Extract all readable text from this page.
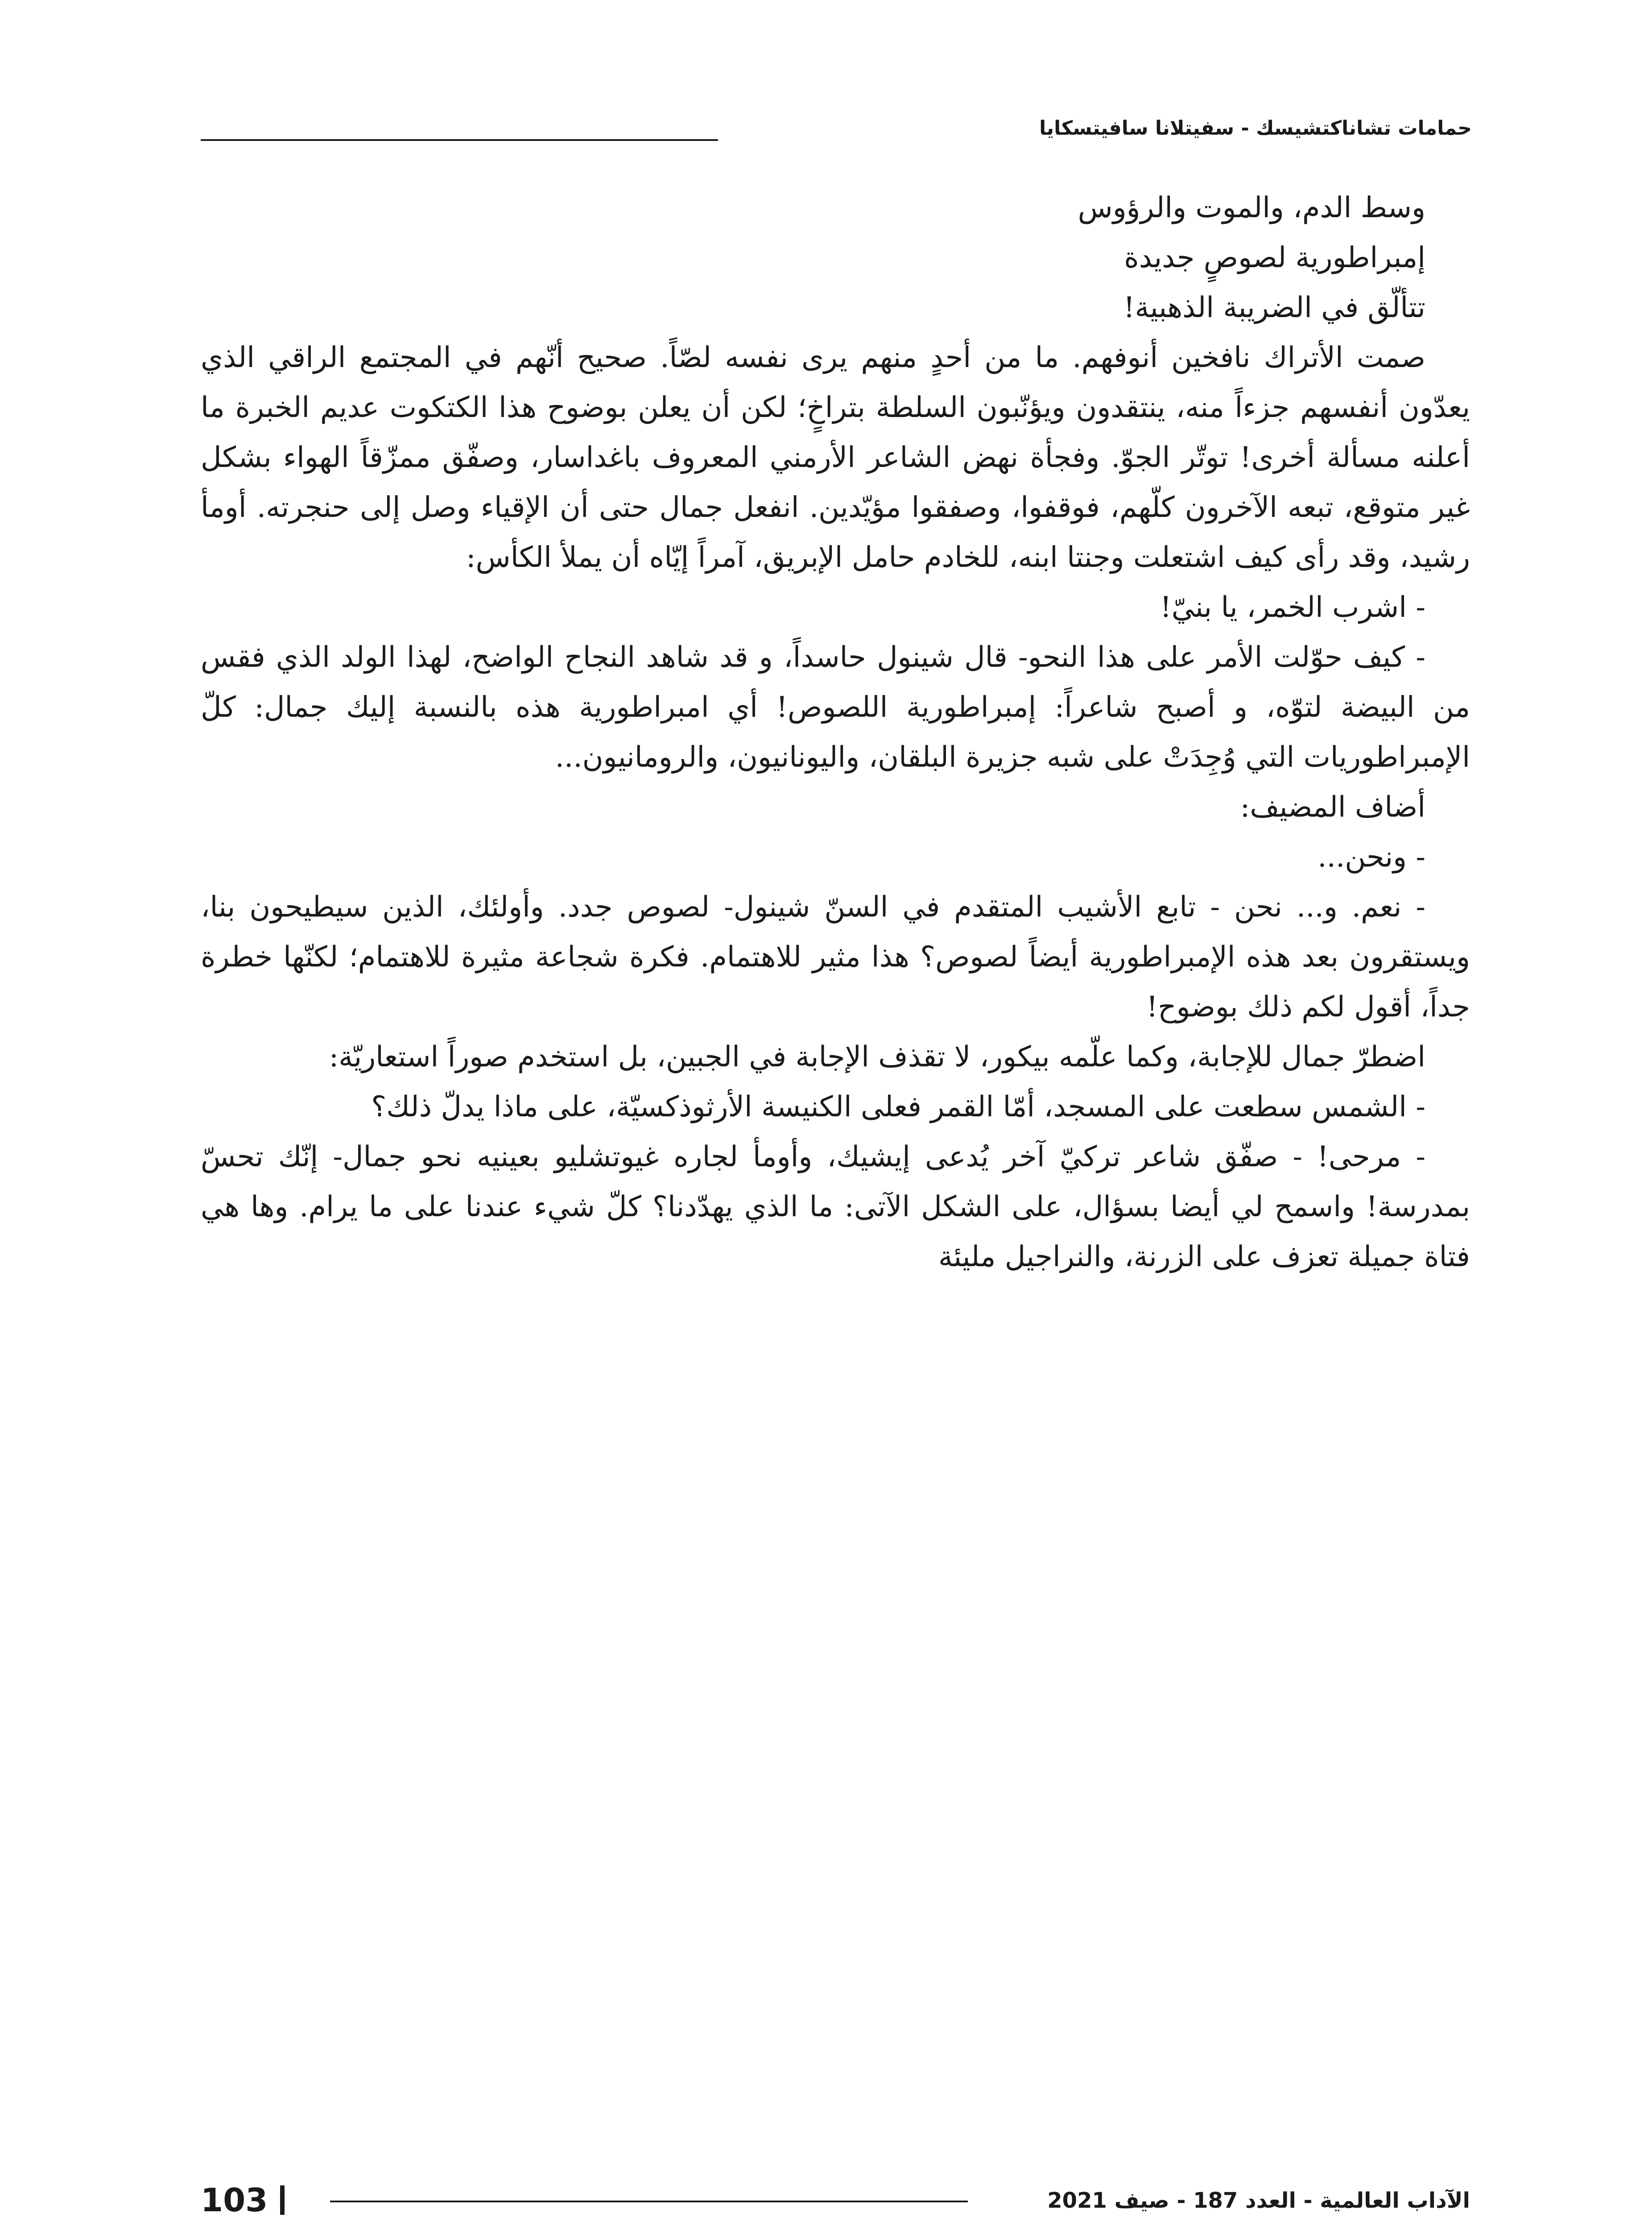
حمامات تشاناكتشيسك - سفيتلانا سافيتسكايا

وسط الدم، والموت والرؤوس

إمبراطورية لصوصٍ جديدة

تتألّق في الضريبة الذهبية!

صمت الأتراك نافخين أنوفهم. ما من أحدٍ منهم يرى نفسه لصّاً. صحيح أنّهم في المجتمع الراقي الذي يعدّون أنفسهم جزءاً منه، ينتقدون ويؤنّبون السلطة بتراخٍ؛ لكن أن يعلن بوضوح هذا الكتكوت عديم الخبرة ما أعلنه مسألة أخرى! توتّر الجوّ. وفجأة نهض الشاعر الأرمني المعروف باغداسار، وصفّق ممزّقاً الهواء بشكل غير متوقع، تبعه الآخرون كلّهم، فوقفوا، وصفقوا مؤيّدين. انفعل جمال حتى أن الإقياء وصل إلى حنجرته. أومأ رشيد، وقد رأى كيف اشتعلت وجنتا ابنه، للخادم حامل الإبريق، آمراً إيّاه أن يملأ الكأس:

- اشرب الخمر، يا بنيّ!

- كيف حوّلت الأمر على هذا النحو- قال شينول حاسداً، و قد شاهد النجاح الواضح، لهذا الولد الذي فقس من البيضة لتوّه، و أصبح شاعراً: إمبراطورية اللصوص! أي امبراطورية هذه بالنسبة إليك جمال: كلّ الإمبراطوريات التي وُجِدَتْ على شبه جزيرة البلقان، واليونانيون، والرومانيون...

أضاف المضيف:

- ونحن...

- نعم. و... نحن - تابع الأشيب المتقدم في السنّ شينول- لصوص جدد. وأولئك، الذين سيطيحون بنا، ويستقرون بعد هذه الإمبراطورية أيضاً لصوص؟ هذا مثير للاهتمام. فكرة شجاعة مثيرة للاهتمام؛ لكنّها خطرة جداً، أقول لكم ذلك بوضوح!

اضطرّ جمال للإجابة، وكما علّمه بيكور، لا تقذف الإجابة في الجبين، بل استخدم صوراً استعاريّة:

- الشمس سطعت على المسجد، أمّا القمر فعلى الكنيسة الأرثوذكسيّة، على ماذا يدلّ ذلك؟

- مرحى! - صفّق شاعر تركيّ آخر يُدعى إيشيك، وأومأ لجاره غيوتشليو بعينيه نحو جمال- إنّك تحسّ بمدرسة! واسمح لي أيضا بسؤال، على الشكل الآتى: ما الذي يهدّدنا؟ كلّ شيء عندنا على ما يرام. وها هي فتاة جميلة تعزف على الزرنة، والنراجيل مليئة

الآداب العالمية - العدد 187 - صيف 2021
103
